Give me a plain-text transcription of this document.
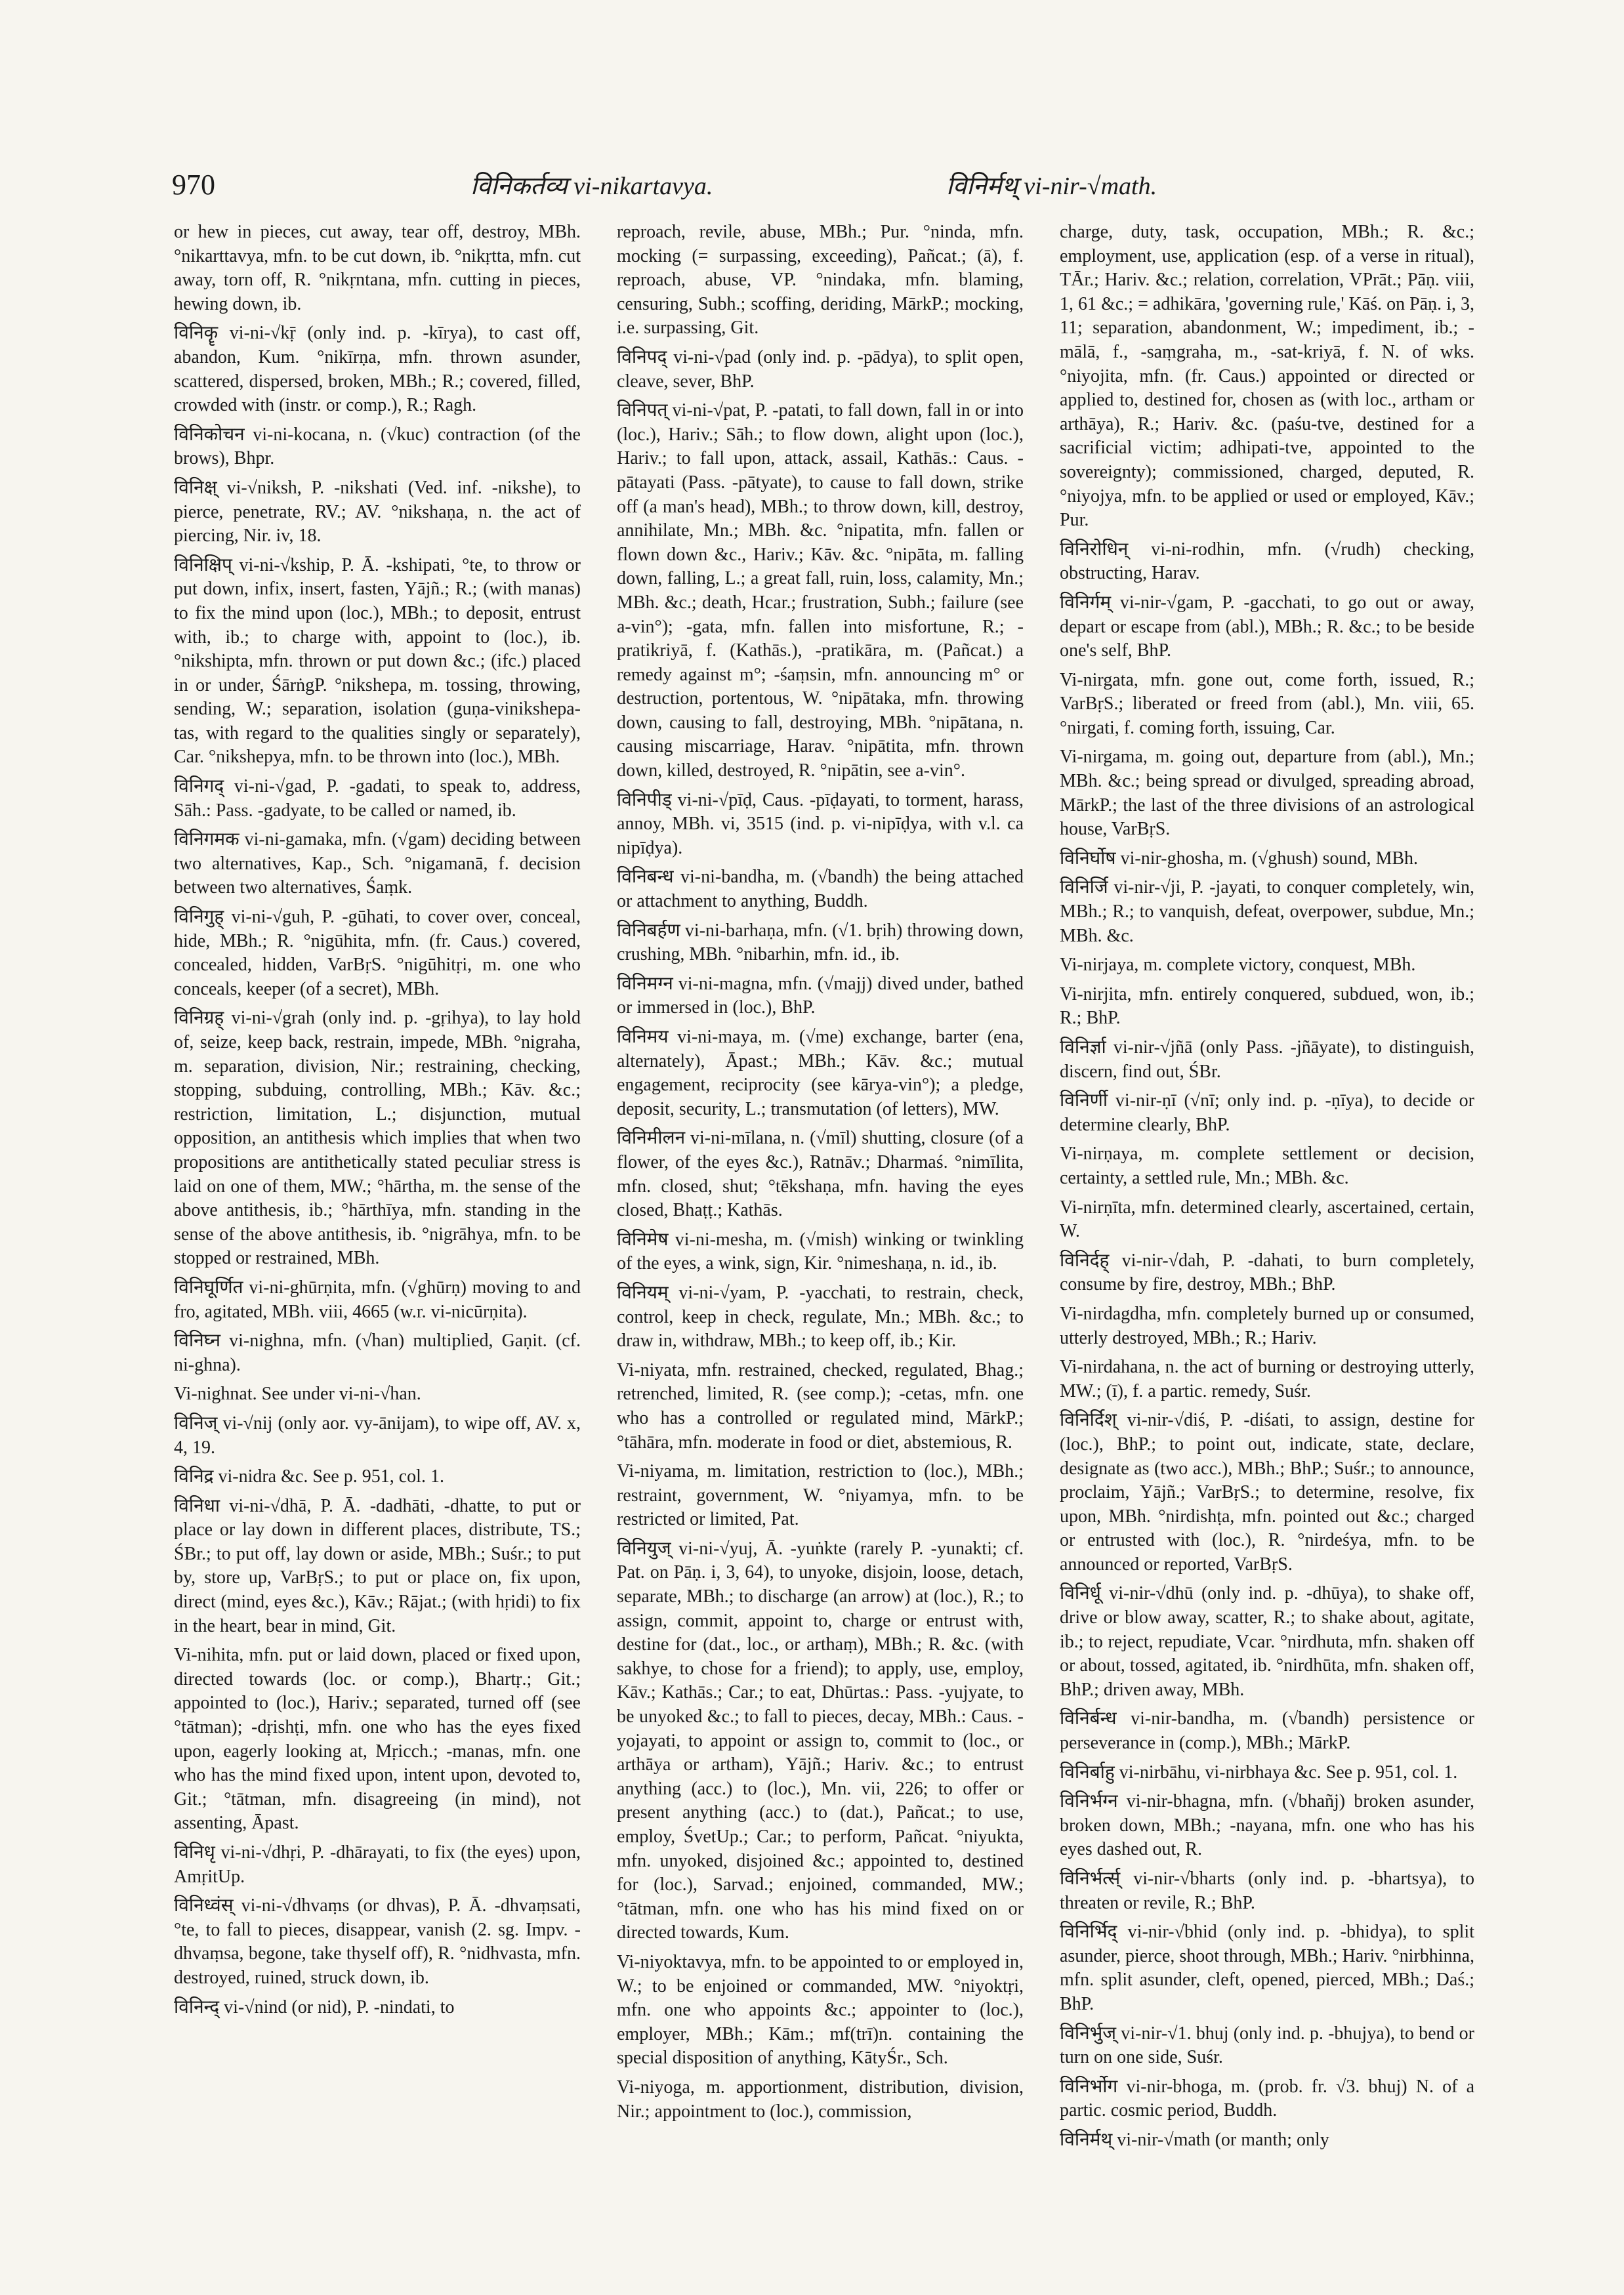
970	विनिकर्तव्य vi-nikartavya.	विनिर्मथ् vi-nir-√math.

or hew in pieces, cut away, tear off, destroy, MBh. °nikarttavya, mfn. to be cut down, ib. °nikṛtta, mfn. cut away, torn off, R. °nikṛntana, mfn. cutting in pieces, hewing down, ib.

विनिकॄ vi-ni-√kṝ (only ind. p. -kīrya), to cast off, abandon, Kum. °nikīrṇa, mfn. thrown asunder, scattered, dispersed, broken, MBh.; R.; covered, filled, crowded with (instr. or comp.), R.; Ragh.

विनिकोचन vi-ni-kocana, n. (√kuc) contraction (of the brows), Bhpr.

विनिक्ष् vi-√niksh, P. -nikshati (Ved. inf. -nikshe), to pierce, penetrate, RV.; AV. °nikshaṇa, n. the act of piercing, Nir. iv, 18.

विनिक्षिप् vi-ni-√kship, P. Ā. -kshipati, °te, to throw or put down, infix, insert, fasten, Yājñ.; R.; (with manas) to fix the mind upon (loc.), MBh.; to deposit, entrust with, ib.; to charge with, appoint to (loc.), ib. °nikshipta, mfn. thrown or put down &c.; (ifc.) placed in or under, ŚārṅgP. °nikshepa, m. tossing, throwing, sending, W.; separation, isolation (guṇa-vinikshepa-tas, with regard to the qualities singly or separately), Car. °nikshepya, mfn. to be thrown into (loc.), MBh.

विनिगद् vi-ni-√gad, P. -gadati, to speak to, address, Sāh.: Pass. -gadyate, to be called or named, ib.

विनिगमक vi-ni-gamaka, mfn. (√gam) deciding between two alternatives, Kap., Sch. °nigamanā, f. decision between two alternatives, Śaṃk.

विनिगुह् vi-ni-√guh, P. -gūhati, to cover over, conceal, hide, MBh.; R. °nigūhita, mfn. (fr. Caus.) covered, concealed, hidden, VarBṛS. °nigūhitṛi, m. one who conceals, keeper (of a secret), MBh.

विनिग्रह् vi-ni-√grah (only ind. p. -gṛihya), to lay hold of, seize, keep back, restrain, impede, MBh. °nigraha, m. separation, division, Nir.; restraining, checking, stopping, subduing, controlling, MBh.; Kāv. &c.; restriction, limitation, L.; disjunction, mutual opposition, an antithesis which implies that when two propositions are antithetically stated peculiar stress is laid on one of them, MW.; °hārtha, m. the sense of the above antithesis, ib.; °hārthīya, mfn. standing in the sense of the above antithesis, ib. °nigrāhya, mfn. to be stopped or restrained, MBh.

विनिघूर्णित vi-ni-ghūrṇita, mfn. (√ghūrṇ) moving to and fro, agitated, MBh. viii, 4665 (w.r. vi-nicūrṇita).

विनिघ्न vi-nighna, mfn. (√han) multiplied, Gaṇit. (cf. ni-ghna).

Vi-nighnat. See under vi-ni-√han.

विनिज् vi-√nij (only aor. vy-ānijam), to wipe off, AV. x, 4, 19.

विनिद्र vi-nidra &c. See p. 951, col. 1.

विनिधा vi-ni-√dhā, P. Ā. -dadhāti, -dhatte, to put or place or lay down in different places, distribute, TS.; ŚBr.; to put off, lay down or aside, MBh.; Suśr.; to put by, store up, VarBṛS.; to put or place on, fix upon, direct (mind, eyes &c.), Kāv.; Rājat.; (with hṛidi) to fix in the heart, bear in mind, Git.

Vi-nihita, mfn. put or laid down, placed or fixed upon, directed towards (loc. or comp.), Bhartṛ.; Git.; appointed to (loc.), Hariv.; separated, turned off (see °tātman); -dṛishṭi, mfn. one who has the eyes fixed upon, eagerly looking at, Mṛicch.; -manas, mfn. one who has the mind fixed upon, intent upon, devoted to, Git.; °tātman, mfn. disagreeing (in mind), not assenting, Āpast.

विनिधृ vi-ni-√dhṛi, P. -dhārayati, to fix (the eyes) upon, AmṛitUp.

विनिध्वंस् vi-ni-√dhvaṃs (or dhvas), P. Ā. -dhvaṃsati, °te, to fall to pieces, disappear, vanish (2. sg. Impv. -dhvaṃsa, begone, take thyself off), R. °nidhvasta, mfn. destroyed, ruined, struck down, ib.

विनिन्द् vi-√nind (or nid), P. -nindati, to

reproach, revile, abuse, MBh.; Pur. °ninda, mfn. mocking (= surpassing, exceeding), Pañcat.; (ā), f. reproach, abuse, VP. °nindaka, mfn. blaming, censuring, Subh.; scoffing, deriding, MārkP.; mocking, i.e. surpassing, Git.

विनिपद् vi-ni-√pad (only ind. p. -pādya), to split open, cleave, sever, BhP.

विनिपत् vi-ni-√pat, P. -patati, to fall down, fall in or into (loc.), Hariv.; Sāh.; to flow down, alight upon (loc.), Hariv.; to fall upon, attack, assail, Kathās.: Caus. -pātayati (Pass. -pātyate), to cause to fall down, strike off (a man's head), MBh.; to throw down, kill, destroy, annihilate, Mn.; MBh. &c. °nipatita, mfn. fallen or flown down &c., Hariv.; Kāv. &c. °nipāta, m. falling down, falling, L.; a great fall, ruin, loss, calamity, Mn.; MBh. &c.; death, Hcar.; frustration, Subh.; failure (see a-vin°); -gata, mfn. fallen into misfortune, R.; -pratikriyā, f. (Kathās.), -pratikāra, m. (Pañcat.) a remedy against m°; -śaṃsin, mfn. announcing m° or destruction, portentous, W. °nipātaka, mfn. throwing down, causing to fall, destroying, MBh. °nipātana, n. causing miscarriage, Harav. °nipātita, mfn. thrown down, killed, destroyed, R. °nipātin, see a-vin°.

विनिपीड् vi-ni-√pīḍ, Caus. -pīḍayati, to torment, harass, annoy, MBh. vi, 3515 (ind. p. vi-nipīḍya, with v.l. ca nipīḍya).

विनिबन्ध vi-ni-bandha, m. (√bandh) the being attached or attachment to anything, Buddh.

विनिबर्हण vi-ni-barhaṇa, mfn. (√1. bṛih) throwing down, crushing, MBh. °nibarhin, mfn. id., ib.

विनिमग्न vi-ni-magna, mfn. (√majj) dived under, bathed or immersed in (loc.), BhP.

विनिमय vi-ni-maya, m. (√me) exchange, barter (ena, alternately), Āpast.; MBh.; Kāv. &c.; mutual engagement, reciprocity (see kārya-vin°); a pledge, deposit, security, L.; transmutation (of letters), MW.

विनिमीलन vi-ni-mīlana, n. (√mīl) shutting, closure (of a flower, of the eyes &c.), Ratnāv.; Dharmaś. °nimīlita, mfn. closed, shut; °tēkshaṇa, mfn. having the eyes closed, Bhaṭṭ.; Kathās.

विनिमेष vi-ni-mesha, m. (√mish) winking or twinkling of the eyes, a wink, sign, Kir. °nimeshaṇa, n. id., ib.

विनियम् vi-ni-√yam, P. -yacchati, to restrain, check, control, keep in check, regulate, Mn.; MBh. &c.; to draw in, withdraw, MBh.; to keep off, ib.; Kir.

Vi-niyata, mfn. restrained, checked, regulated, Bhag.; retrenched, limited, R. (see comp.); -cetas, mfn. one who has a controlled or regulated mind, MārkP.; °tāhāra, mfn. moderate in food or diet, abstemious, R.

Vi-niyama, m. limitation, restriction to (loc.), MBh.; restraint, government, W. °niyamya, mfn. to be restricted or limited, Pat.

विनियुज् vi-ni-√yuj, Ā. -yuṅkte (rarely P. -yunakti; cf. Pat. on Pāṇ. i, 3, 64), to unyoke, disjoin, loose, detach, separate, MBh.; to discharge (an arrow) at (loc.), R.; to assign, commit, appoint to, charge or entrust with, destine for (dat., loc., or arthaṃ), MBh.; R. &c. (with sakhye, to chose for a friend); to apply, use, employ, Kāv.; Kathās.; Car.; to eat, Dhūrtas.: Pass. -yujyate, to be unyoked &c.; to fall to pieces, decay, MBh.: Caus. -yojayati, to appoint or assign to, commit to (loc., or arthāya or artham), Yājñ.; Hariv. &c.; to entrust anything (acc.) to (loc.), Mn. vii, 226; to offer or present anything (acc.) to (dat.), Pañcat.; to use, employ, ŚvetUp.; Car.; to perform, Pañcat. °niyukta, mfn. unyoked, disjoined &c.; appointed to, destined for (loc.), Sarvad.; enjoined, commanded, MW.; °tātman, mfn. one who has his mind fixed on or directed towards, Kum.

Vi-niyoktavya, mfn. to be appointed to or employed in, W.; to be enjoined or commanded, MW. °niyoktṛi, mfn. one who appoints &c.; appointer to (loc.), employer, MBh.; Kām.; mf(trī)n. containing the special disposition of anything, KātyŚr., Sch.

Vi-niyoga, m. apportionment, distribution, division, Nir.; appointment to (loc.), commission,

charge, duty, task, occupation, MBh.; R. &c.; employment, use, application (esp. of a verse in ritual), TĀr.; Hariv. &c.; relation, correlation, VPrāt.; Pāṇ. viii, 1, 61 &c.; = adhikāra, 'governing rule,' Kāś. on Pāṇ. i, 3, 11; separation, abandonment, W.; impediment, ib.; -mālā, f., -saṃgraha, m., -sat-kriyā, f. N. of wks. °niyojita, mfn. (fr. Caus.) appointed or directed or applied to, destined for, chosen as (with loc., artham or arthāya), R.; Hariv. &c. (paśu-tve, destined for a sacrificial victim; adhipati-tve, appointed to the sovereignty); commissioned, charged, deputed, R. °niyojya, mfn. to be applied or used or employed, Kāv.; Pur.

विनिरोधिन् vi-ni-rodhin, mfn. (√rudh) checking, obstructing, Harav.

विनिर्गम् vi-nir-√gam, P. -gacchati, to go out or away, depart or escape from (abl.), MBh.; R. &c.; to be beside one's self, BhP.

Vi-nirgata, mfn. gone out, come forth, issued, R.; VarBṛS.; liberated or freed from (abl.), Mn. viii, 65. °nirgati, f. coming forth, issuing, Car.

Vi-nirgama, m. going out, departure from (abl.), Mn.; MBh. &c.; being spread or divulged, spreading abroad, MārkP.; the last of the three divisions of an astrological house, VarBṛS.

विनिर्घोष vi-nir-ghosha, m. (√ghush) sound, MBh.

विनिर्जि vi-nir-√ji, P. -jayati, to conquer completely, win, MBh.; R.; to vanquish, defeat, overpower, subdue, Mn.; MBh. &c.

Vi-nirjaya, m. complete victory, conquest, MBh.

Vi-nirjita, mfn. entirely conquered, subdued, won, ib.; R.; BhP.

विनिर्ज्ञा vi-nir-√jñā (only Pass. -jñāyate), to distinguish, discern, find out, ŚBr.

विनिर्णी vi-nir-ṇī (√nī; only ind. p. -ṇīya), to decide or determine clearly, BhP.

Vi-nirṇaya, m. complete settlement or decision, certainty, a settled rule, Mn.; MBh. &c.

Vi-nirṇīta, mfn. determined clearly, ascertained, certain, W.

विनिर्दह् vi-nir-√dah, P. -dahati, to burn completely, consume by fire, destroy, MBh.; BhP.

Vi-nirdagdha, mfn. completely burned up or consumed, utterly destroyed, MBh.; R.; Hariv.

Vi-nirdahana, n. the act of burning or destroying utterly, MW.; (ī), f. a partic. remedy, Suśr.

विनिर्दिश् vi-nir-√diś, P. -diśati, to assign, destine for (loc.), BhP.; to point out, indicate, state, declare, designate as (two acc.), MBh.; BhP.; Suśr.; to announce, proclaim, Yājñ.; VarBṛS.; to determine, resolve, fix upon, MBh. °nirdishṭa, mfn. pointed out &c.; charged or entrusted with (loc.), R. °nirdeśya, mfn. to be announced or reported, VarBṛS.

विनिर्धू vi-nir-√dhū (only ind. p. -dhūya), to shake off, drive or blow away, scatter, R.; to shake about, agitate, ib.; to reject, repudiate, Vcar. °nirdhuta, mfn. shaken off or about, tossed, agitated, ib. °nirdhūta, mfn. shaken off, BhP.; driven away, MBh.

विनिर्बन्ध vi-nir-bandha, m. (√bandh) persistence or perseverance in (comp.), MBh.; MārkP.

विनिर्बाहु vi-nirbāhu, vi-nirbhaya &c. See p. 951, col. 1.

विनिर्भग्न vi-nir-bhagna, mfn. (√bhañj) broken asunder, broken down, MBh.; -nayana, mfn. one who has his eyes dashed out, R.

विनिर्भर्त्स् vi-nir-√bharts (only ind. p. -bhartsya), to threaten or revile, R.; BhP.

विनिर्भिद् vi-nir-√bhid (only ind. p. -bhidya), to split asunder, pierce, shoot through, MBh.; Hariv. °nirbhinna, mfn. split asunder, cleft, opened, pierced, MBh.; Daś.; BhP.

विनिर्भुज् vi-nir-√1. bhuj (only ind. p. -bhujya), to bend or turn on one side, Suśr.

विनिर्भोग vi-nir-bhoga, m. (prob. fr. √3. bhuj) N. of a partic. cosmic period, Buddh.

विनिर्मथ् vi-nir-√math (or manth; only
